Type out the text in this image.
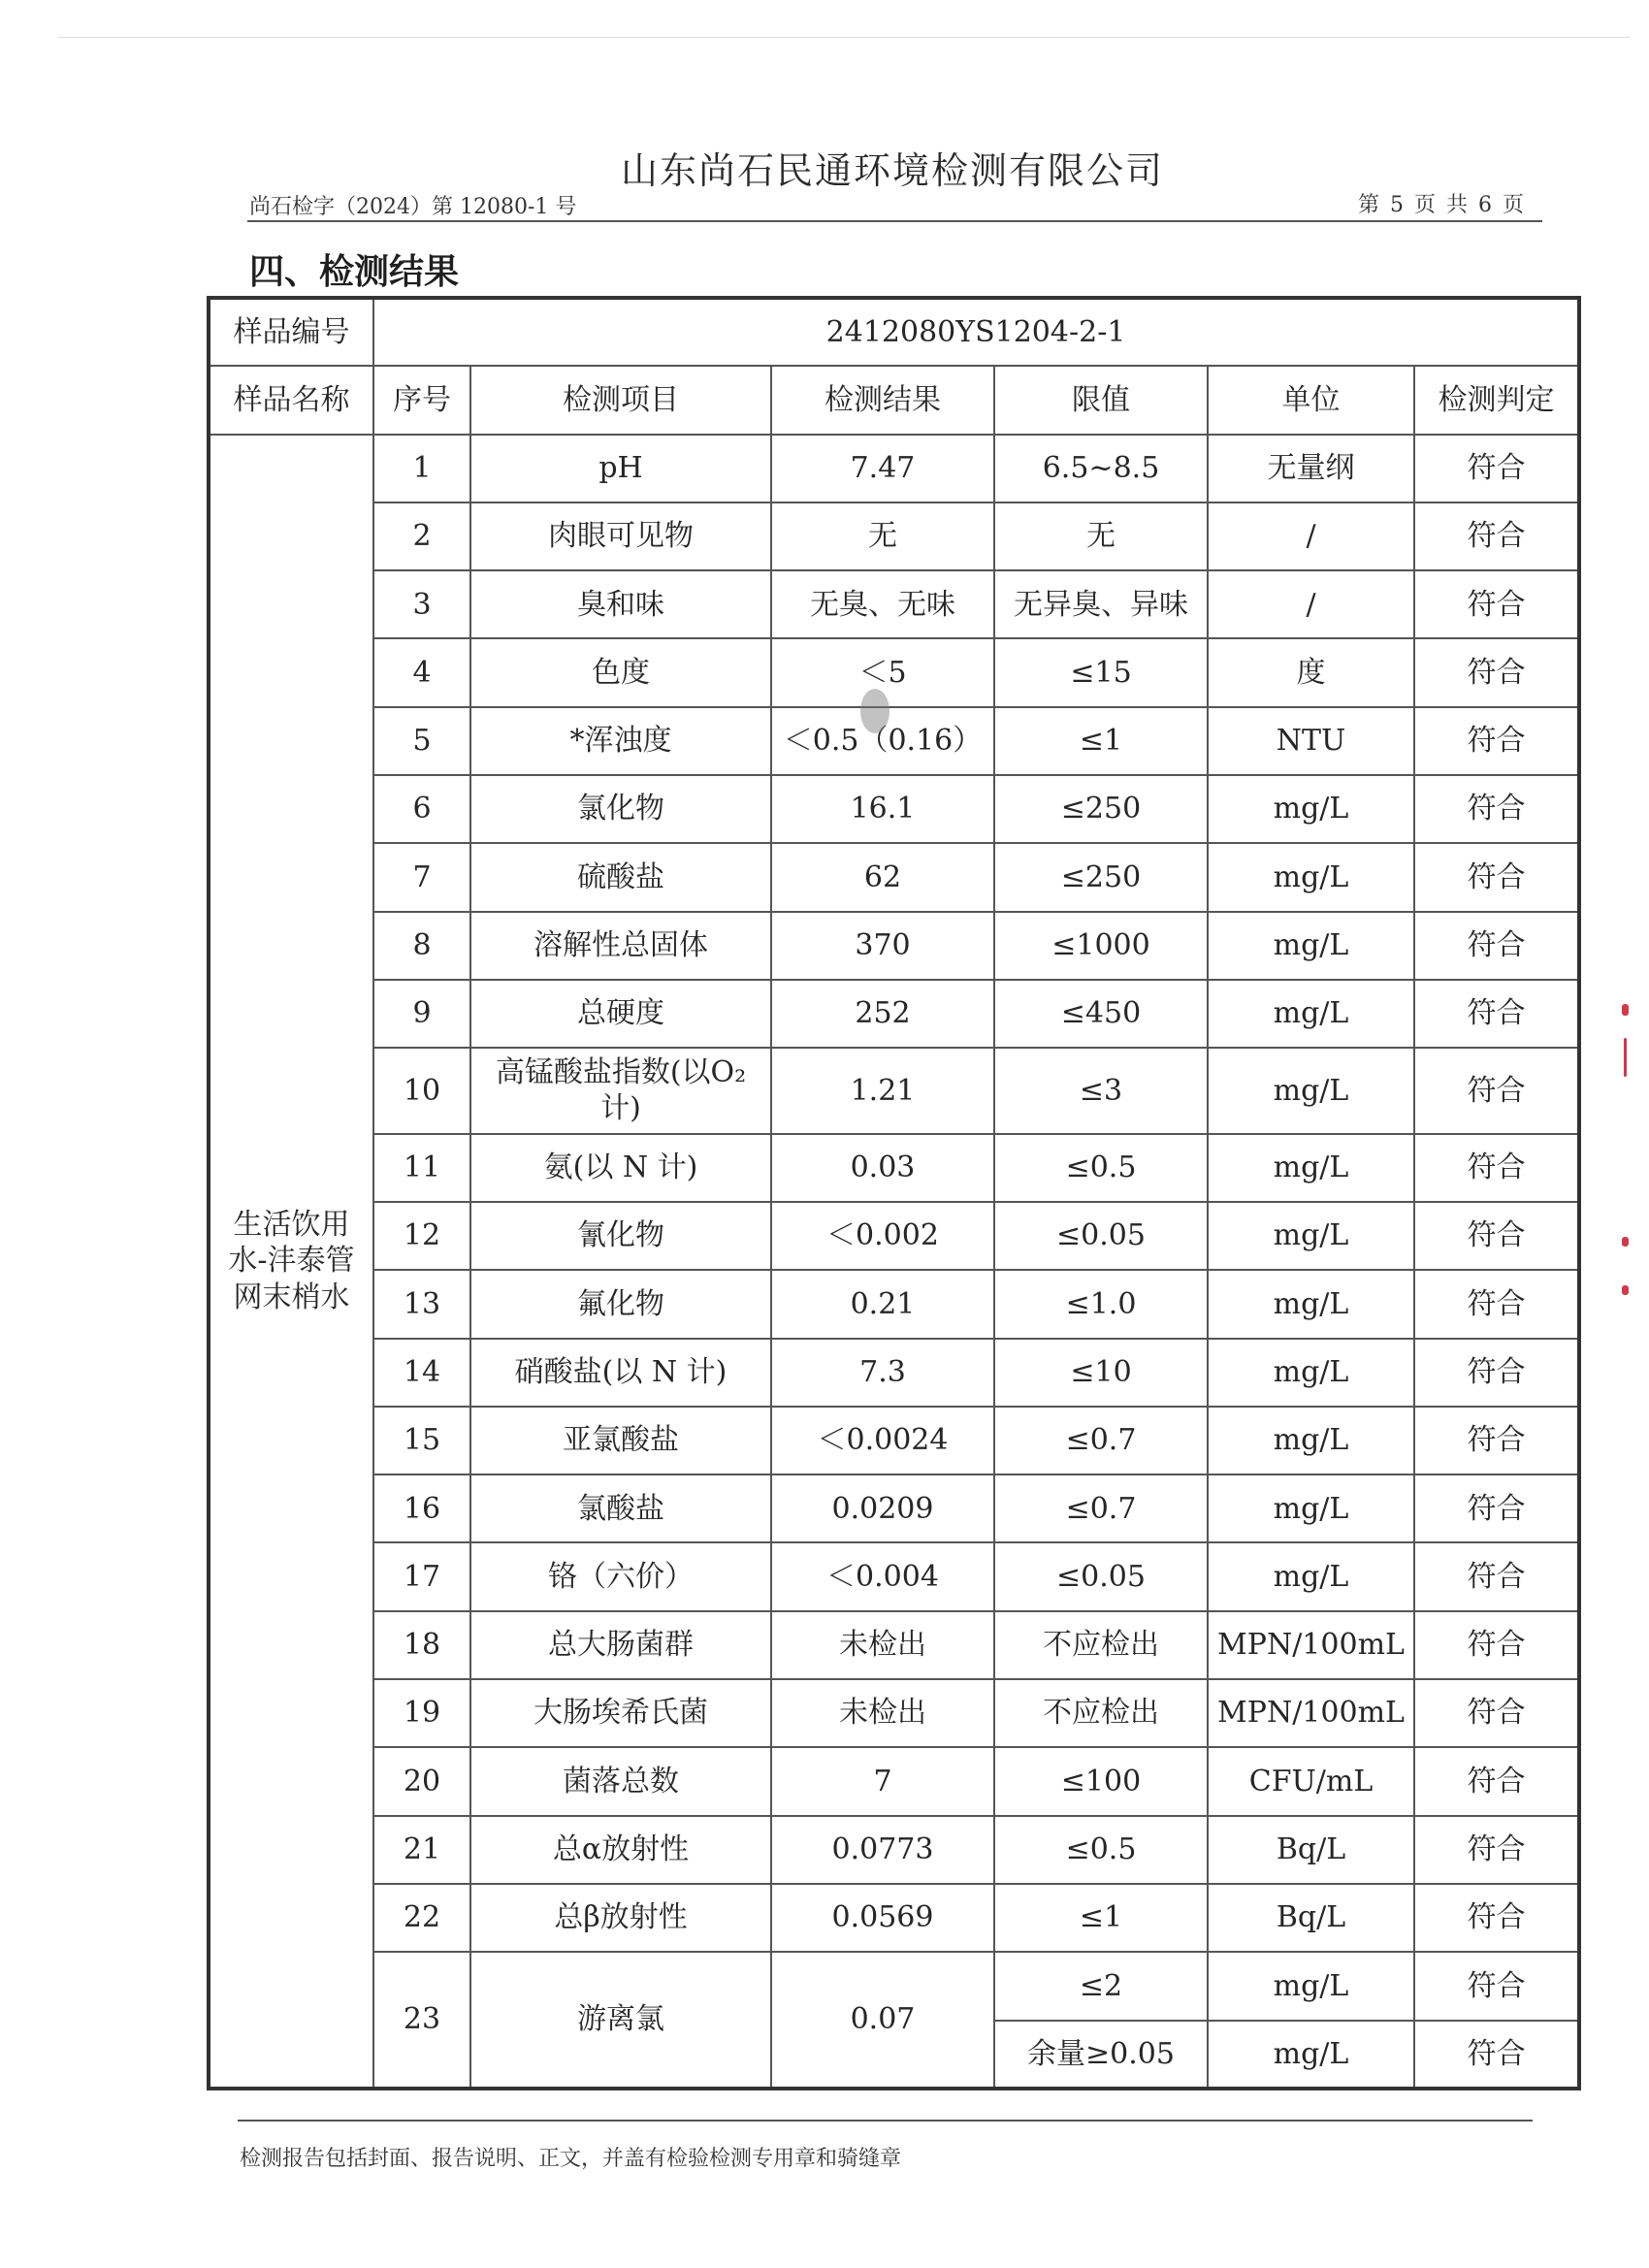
山东尚石民通环境检测有限公司
尚石检字（2024）第 12080-1 号	第 5 页 共 6 页
四、检测结果
样品编号	2412080YS1204-2-1					
样品名称	序号	检测项目	检测结果	限值	单位	检测判定
生活饮用水-沣泰管网末梢水	1	pH	7.47	6.5~8.5	无量纲	符合
	2	肉眼可见物	无	无	/	符合
	3	臭和味	无臭、无味	无异臭、异味	/	符合
	4	色度	＜5	≤15	度	符合
	5	*浑浊度	＜0.5（0.16）	≤1	NTU	符合
	6	氯化物	16.1	≤250	mg/L	符合
	7	硫酸盐	62	≤250	mg/L	符合
	8	溶解性总固体	370	≤1000	mg/L	符合
	9	总硬度	252	≤450	mg/L	符合
	10	高锰酸盐指数(以O₂计)	1.21	≤3	mg/L	符合
	11	氨(以 N 计)	0.03	≤0.5	mg/L	符合
	12	氰化物	＜0.002	≤0.05	mg/L	符合
	13	氟化物	0.21	≤1.0	mg/L	符合
	14	硝酸盐(以 N 计)	7.3	≤10	mg/L	符合
	15	亚氯酸盐	＜0.0024	≤0.7	mg/L	符合
	16	氯酸盐	0.0209	≤0.7	mg/L	符合
	17	铬（六价）	＜0.004	≤0.05	mg/L	符合
	18	总大肠菌群	未检出	不应检出	MPN/100mL	符合
	19	大肠埃希氏菌	未检出	不应检出	MPN/100mL	符合
	20	菌落总数	7	≤100	CFU/mL	符合
	21	总α放射性	0.0773	≤0.5	Bq/L	符合
	22	总β放射性	0.0569	≤1	Bq/L	符合
	23	游离氯	0.07	≤2	mg/L	符合
				余量≥0.05	mg/L	符合
检测报告包括封面、报告说明、正文，并盖有检验检测专用章和骑缝章
